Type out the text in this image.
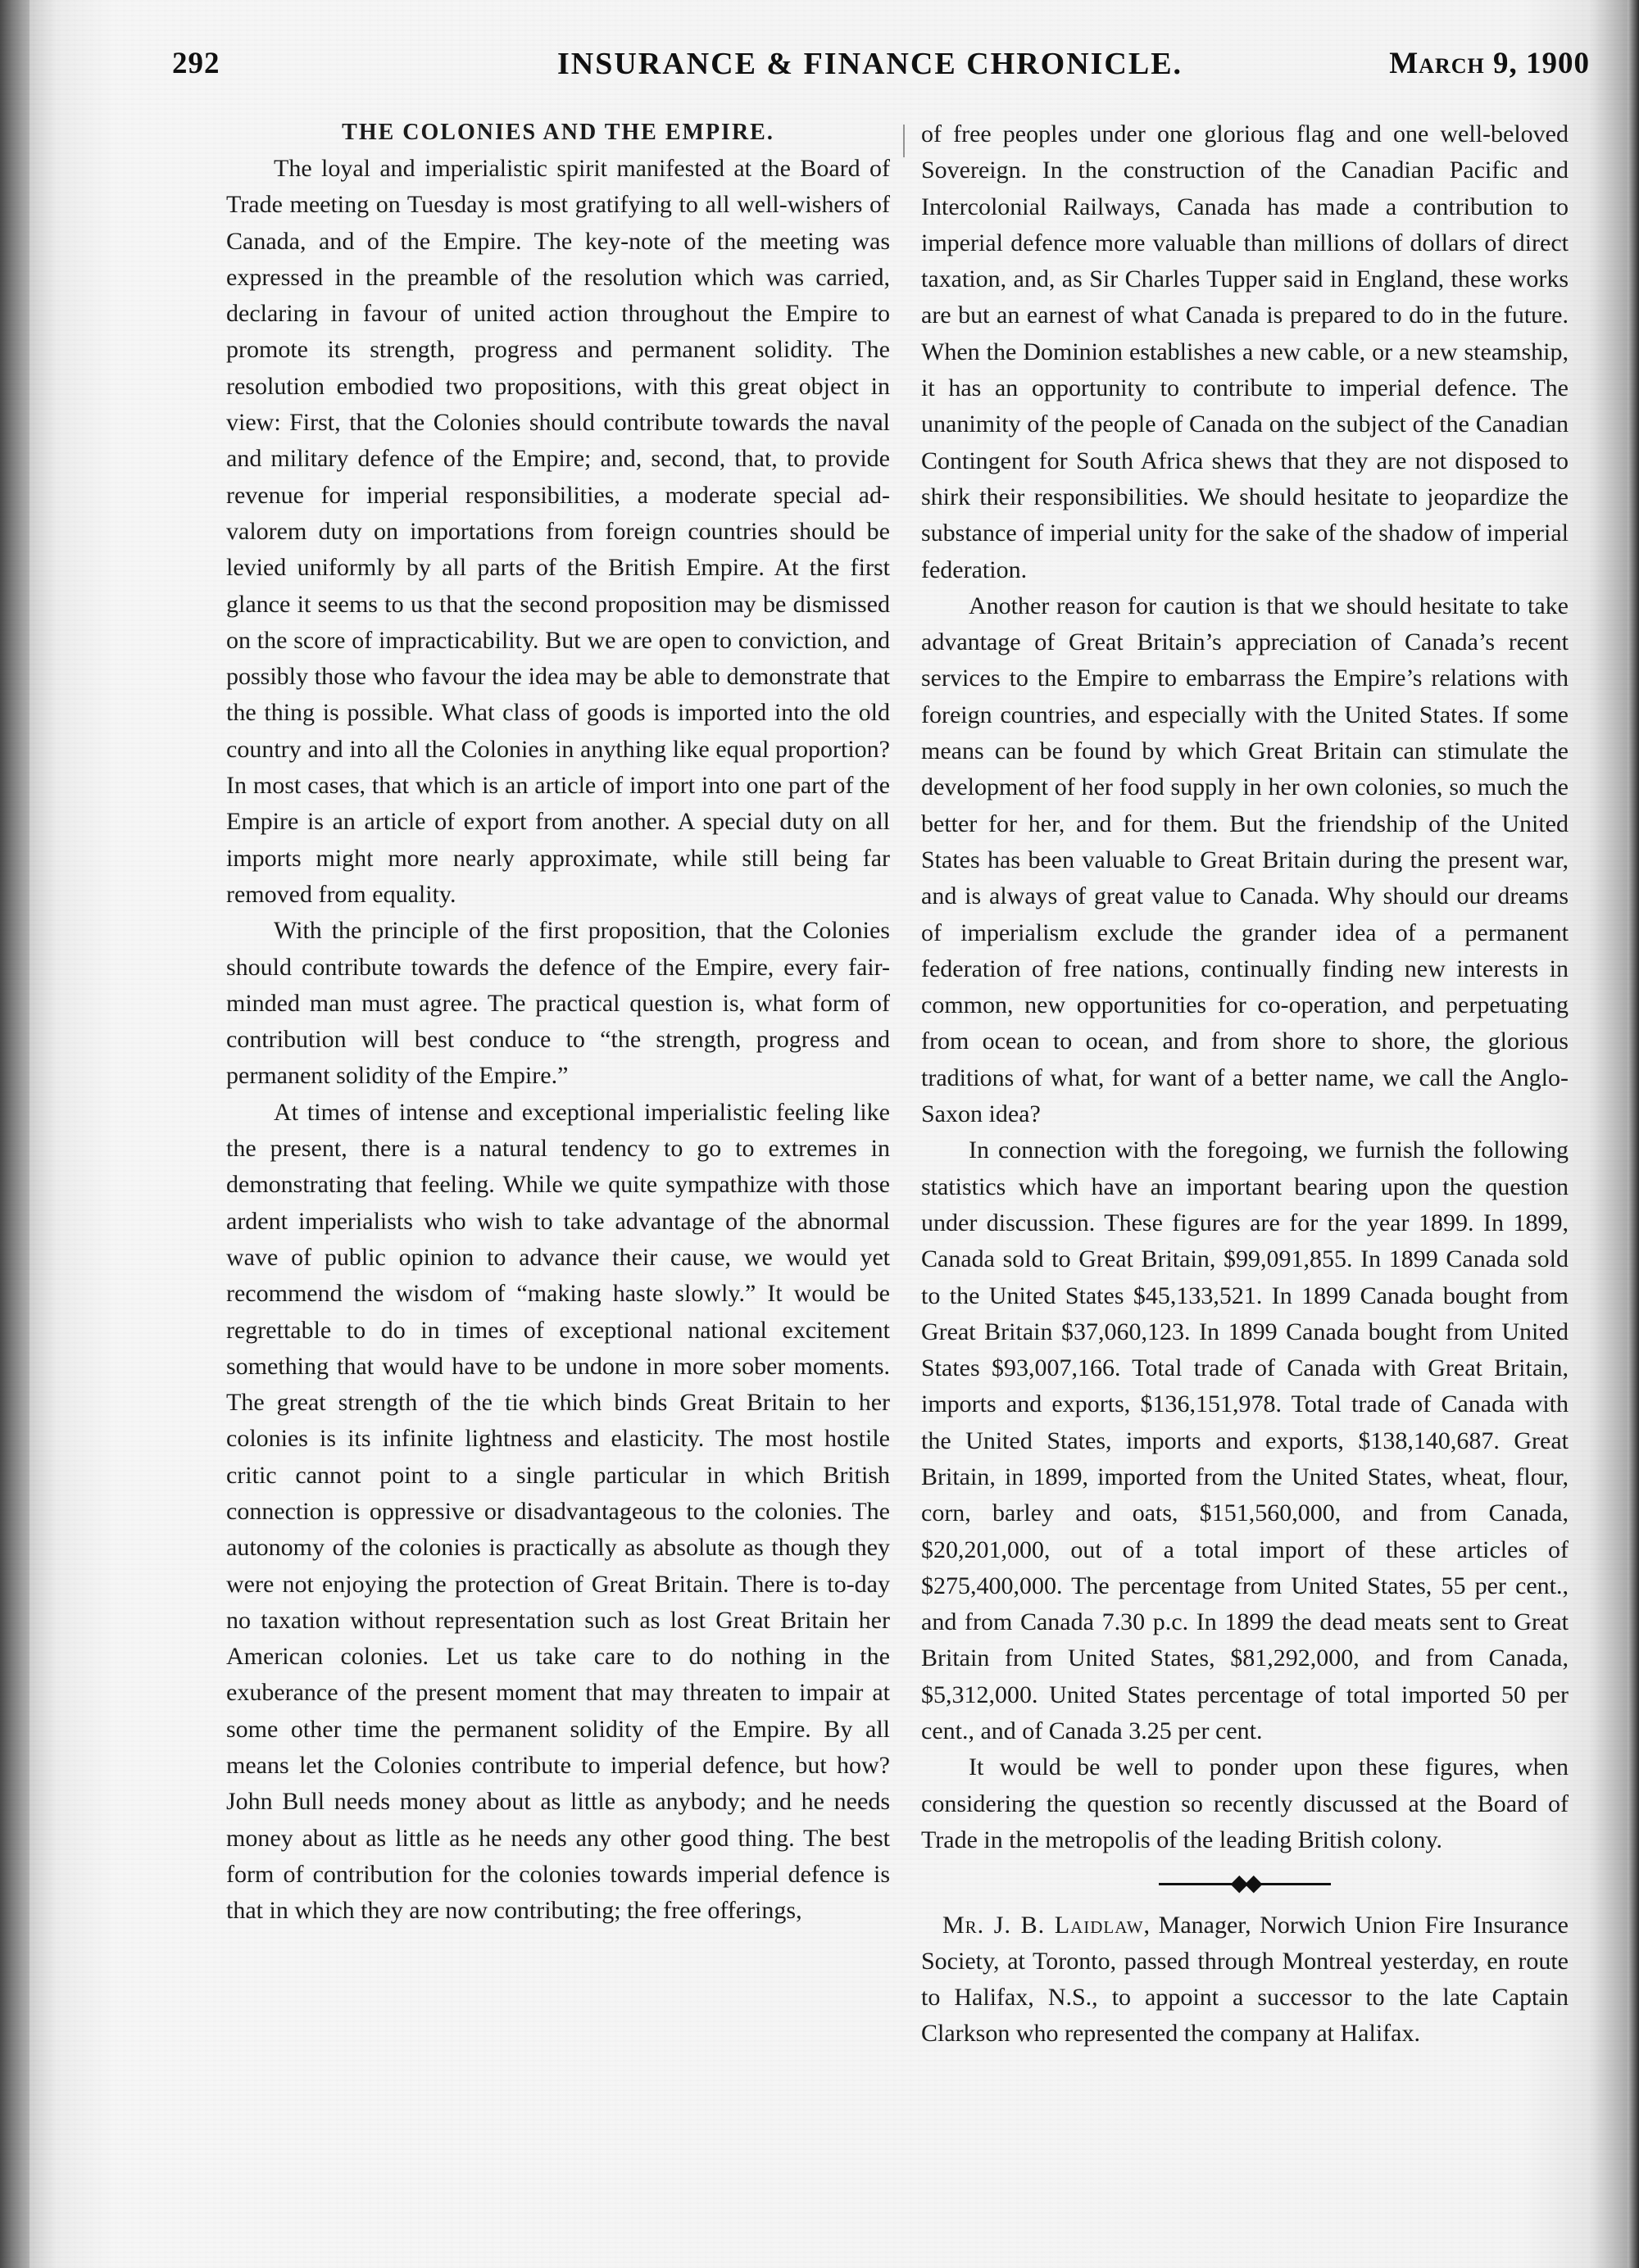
292	INSURANCE & FINANCE CHRONICLE.	March 9, 1900
THE COLONIES AND THE EMPIRE.

The loyal and imperialistic spirit manifested at the Board of Trade meeting on Tuesday is most gratifying to all well-wishers of Canada, and of the Empire. The key-note of the meeting was expressed in the preamble of the resolution which was carried, declaring in favour of united action throughout the Empire to promote its strength, progress and permanent solidity. The resolution embodied two propositions, with this great object in view: First, that the Colonies should contribute towards the naval and military defence of the Empire; and, second, that, to provide revenue for imperial responsibilities, a moderate special ad-valorem duty on importations from foreign countries should be levied uniformly by all parts of the British Empire. At the first glance it seems to us that the second proposition may be dismissed on the score of impracticability. But we are open to conviction, and possibly those who favour the idea may be able to demonstrate that the thing is possible. What class of goods is imported into the old country and into all the Colonies in anything like equal proportion? In most cases, that which is an article of import into one part of the Empire is an article of export from another. A special duty on all imports might more nearly approximate, while still being far removed from equality.

With the principle of the first proposition, that the Colonies should contribute towards the defence of the Empire, every fair-minded man must agree. The practical question is, what form of contribution will best conduce to “the strength, progress and permanent solidity of the Empire.”

At times of intense and exceptional imperialistic feeling like the present, there is a natural tendency to go to extremes in demonstrating that feeling. While we quite sympathize with those ardent imperialists who wish to take advantage of the abnormal wave of public opinion to advance their cause, we would yet recommend the wisdom of “making haste slowly.” It would be regrettable to do in times of exceptional national excitement something that would have to be undone in more sober moments. The great strength of the tie which binds Great Britain to her colonies is its infinite lightness and elasticity. The most hostile critic cannot point to a single particular in which British connection is oppressive or disadvantageous to the colonies. The autonomy of the colonies is practically as absolute as though they were not enjoying the protection of Great Britain. There is to-day no taxation without representation such as lost Great Britain her American colonies. Let us take care to do nothing in the exuberance of the present moment that may threaten to impair at some other time the permanent solidity of the Empire. By all means let the Colonies contribute to imperial defence, but how? John Bull needs money about as little as anybody; and he needs money about as little as he needs any other good thing. The best form of contribution for the colonies towards imperial defence is that in which they are now contributing; the free offerings,

of free peoples under one glorious flag and one well-beloved Sovereign. In the construction of the Canadian Pacific and Intercolonial Railways, Canada has made a contribution to imperial defence more valuable than millions of dollars of direct taxation, and, as Sir Charles Tupper said in England, these works are but an earnest of what Canada is prepared to do in the future. When the Dominion establishes a new cable, or a new steamship, it has an opportunity to contribute to imperial defence. The unanimity of the people of Canada on the subject of the Canadian Contingent for South Africa shews that they are not disposed to shirk their responsibilities. We should hesitate to jeopardize the substance of imperial unity for the sake of the shadow of imperial federation.

Another reason for caution is that we should hesitate to take advantage of Great Britain’s appreciation of Canada’s recent services to the Empire to embarrass the Empire’s relations with foreign countries, and especially with the United States. If some means can be found by which Great Britain can stimulate the development of her food supply in her own colonies, so much the better for her, and for them. But the friendship of the United States has been valuable to Great Britain during the present war, and is always of great value to Canada. Why should our dreams of imperialism exclude the grander idea of a permanent federation of free nations, continually finding new interests in common, new opportunities for co-operation, and perpetuating from ocean to ocean, and from shore to shore, the glorious traditions of what, for want of a better name, we call the Anglo-Saxon idea?

In connection with the foregoing, we furnish the following statistics which have an important bearing upon the question under discussion. These figures are for the year 1899. In 1899, Canada sold to Great Britain, $99,091,855. In 1899 Canada sold to the United States $45,133,521. In 1899 Canada bought from Great Britain $37,060,123. In 1899 Canada bought from United States $93,007,166. Total trade of Canada with Great Britain, imports and exports, $136,151,978. Total trade of Canada with the United States, imports and exports, $138,140,687. Great Britain, in 1899, imported from the United States, wheat, flour, corn, barley and oats, $151,560,000, and from Canada, $20,201,000, out of a total import of these articles of $275,400,000. The percentage from United States, 55 per cent., and from Canada 7.30 p.c. In 1899 the dead meats sent to Great Britain from United States, $81,292,000, and from Canada, $5,312,000. United States percentage of total imported 50 per cent., and of Canada 3.25 per cent.

It would be well to ponder upon these figures, when considering the question so recently discussed at the Board of Trade in the metropolis of the leading British colony.

◆◆

Mr. J. B. Laidlaw, Manager, Norwich Union Fire Insurance Society, at Toronto, passed through Montreal yesterday, en route to Halifax, N.S., to appoint a successor to the late Captain Clarkson who represented the company at Halifax.
